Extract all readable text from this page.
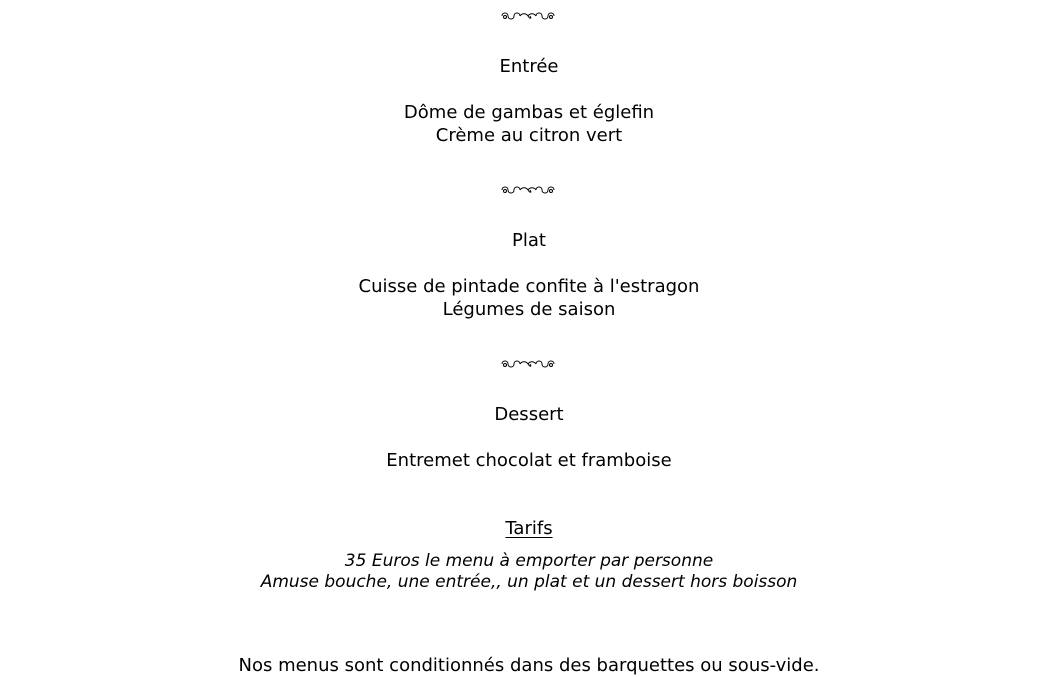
Entrée
Dôme de gambas et églefin
Crème au citron vert
Plat
Cuisse de pintade confite à l'estragon
Légumes de saison
Dessert
Entremet chocolat et framboise
Tarifs
35 Euros le menu à emporter par personne
Amuse bouche, une entrée,, un plat et un dessert hors boisson
Nos menus sont conditionnés dans des barquettes ou sous-vide.
